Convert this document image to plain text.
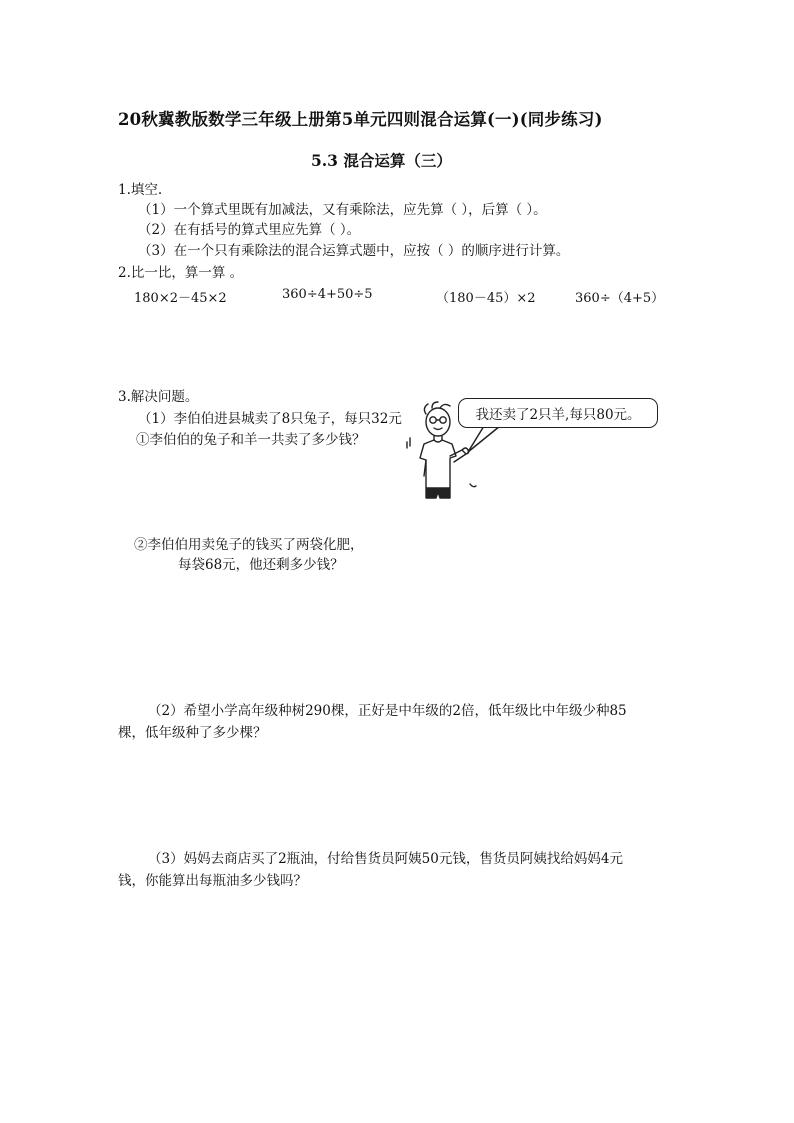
20秋冀教版数学三年级上册第5单元四则混合运算(一)(同步练习)
5.3 混合运算（三）
1.填空.
（1）一个算式里既有加减法，又有乘除法，应先算（ ），后算（ ）。
（2）在有括号的算式里应先算（ ）。
（3）在一个只有乘除法的混合运算式题中，应按（ ）的顺序进行计算。
2.比一比，算一算 。
180×2－45×2	360÷4+50÷5	（180－45）×2	360÷（4+5）
3.解决问题。
（1）李伯伯进县城卖了8只兔子，每只32元
①李伯伯的兔子和羊一共卖了多少钱？
我还卖了2只羊,每只80元。
②李伯伯用卖兔子的钱买了两袋化肥，
每袋68元，他还剩多少钱？
（2）希望小学高年级种树290棵，正好是中年级的2倍，低年级比中年级少种85
棵，低年级种了多少棵？
（3）妈妈去商店买了2瓶油，付给售货员阿姨50元钱，售货员阿姨找给妈妈4元
钱，你能算出每瓶油多少钱吗？
